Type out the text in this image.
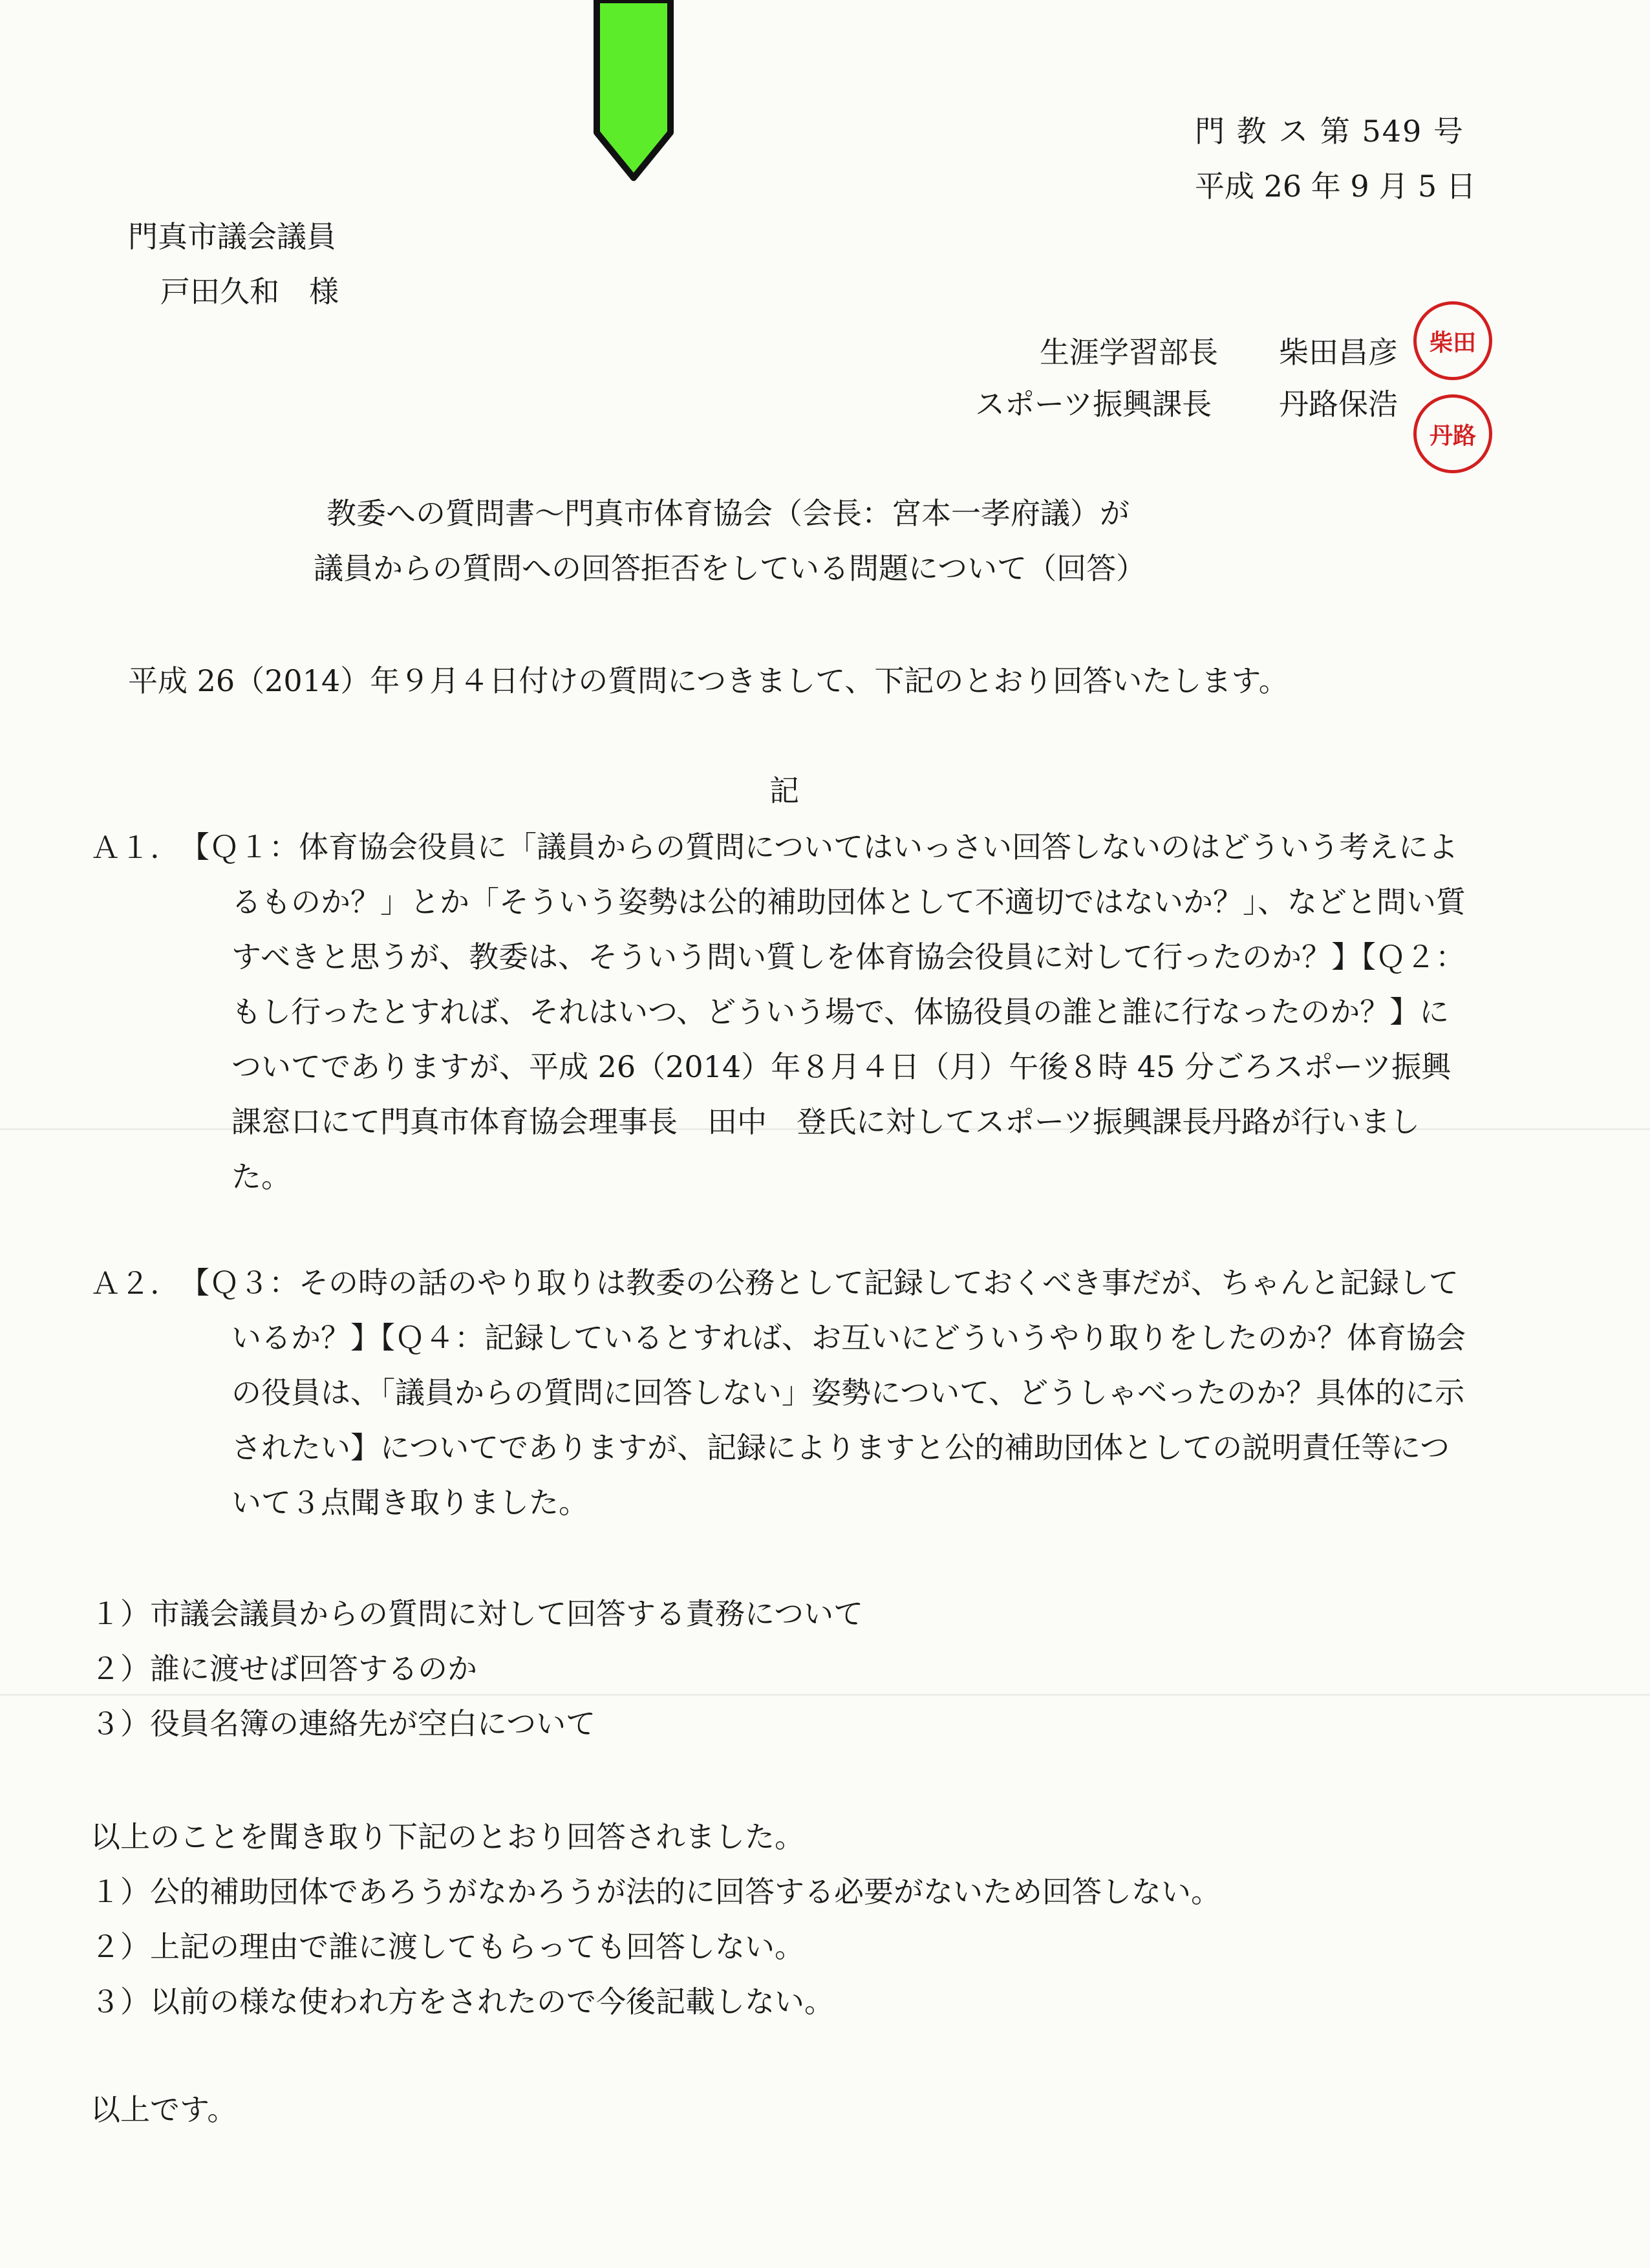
門 教 ス 第 549 号
平成 26 年 9 月 5 日
門真市議会議員
戸田久和　様
生涯学習部長 柴田昌彦
スポーツ振興課長 丹路保浩
柴田
丹路
教委への質問書～門真市体育協会（会長：宮本一孝府議）が
議員からの質問への回答拒否をしている問題について（回答）
平成 26（2014）年９月４日付けの質問につきまして、下記のとおり回答いたします。
記
Ａ１. 【Ｑ１：体育協会役員に「議員からの質問についてはいっさい回答しないのはどういう考えによるものか？」とか「そういう姿勢は公的補助団体として不適切ではないか？」、などと問い質すべきと思うが、教委は、そういう問い質しを体育協会役員に対して行ったのか？】【Ｑ２：もし行ったとすれば、それはいつ、どういう場で、体協役員の誰と誰に行なったのか？】についてでありますが、平成 26（2014）年８月４日（月）午後８時 45 分ごろスポーツ振興課窓口にて門真市体育協会理事長　田中　登氏に対してスポーツ振興課長丹路が行いました。
Ａ２. 【Ｑ３：その時の話のやり取りは教委の公務として記録しておくべき事だが、ちゃんと記録しているか？】【Ｑ４：記録しているとすれば、お互いにどういうやり取りをしたのか？体育協会の役員は、「議員からの質問に回答しない」姿勢について、どうしゃべったのか？具体的に示されたい】についてでありますが、記録によりますと公的補助団体としての説明責任等について３点聞き取りました。
１）市議会議員からの質問に対して回答する責務について
２）誰に渡せば回答するのか
３）役員名簿の連絡先が空白について
以上のことを聞き取り下記のとおり回答されました。
１）公的補助団体であろうがなかろうが法的に回答する必要がないため回答しない。
２）上記の理由で誰に渡してもらっても回答しない。
３）以前の様な使われ方をされたので今後記載しない。
以上です。
